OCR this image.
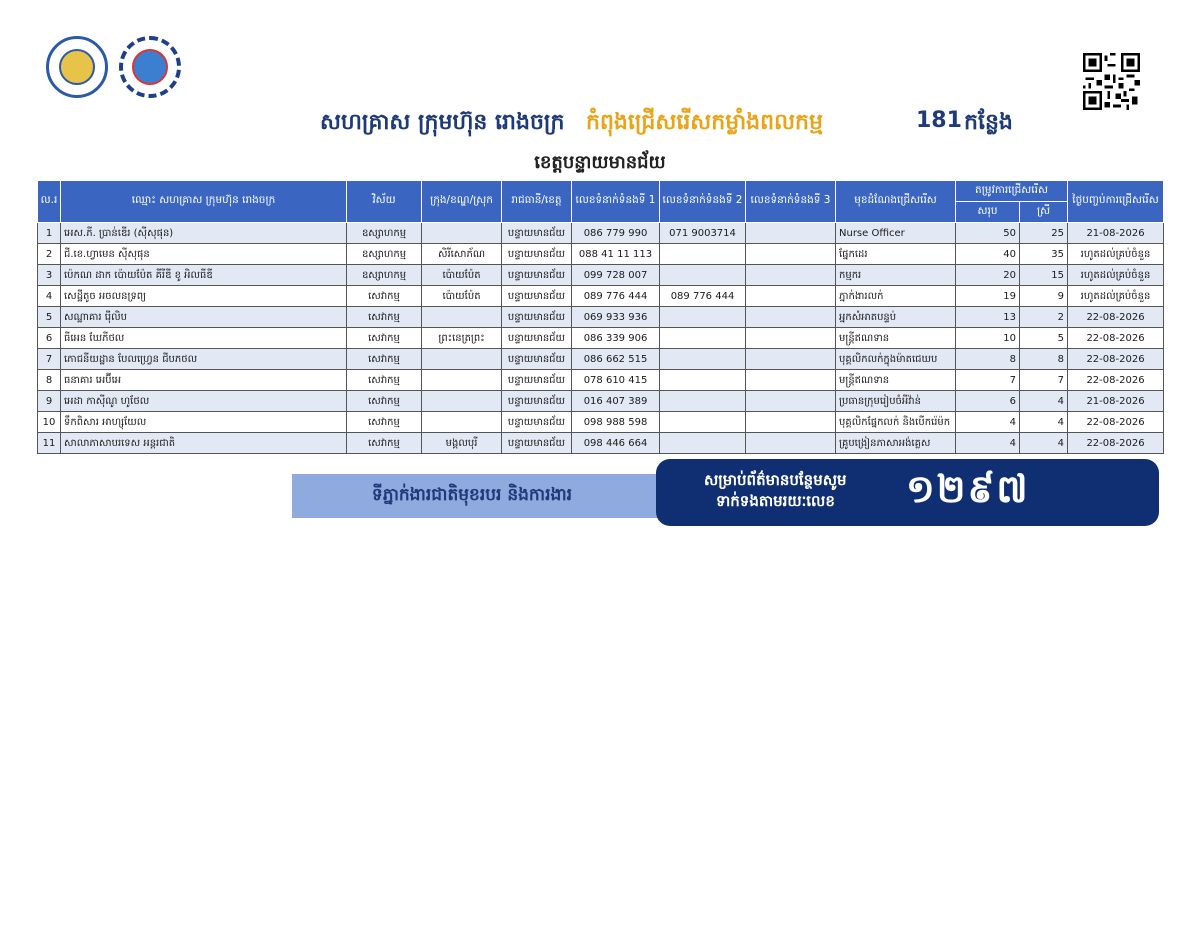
សហគ្រាស ក្រុមហ៊ុន រោងចក្រ កំពុងជ្រើសរើសកម្លាំងពលកម្ម	181 កន្លែង
ខេត្តបន្ទាយមានជ័យ
ល.រ	ឈ្មោះ សហគ្រាស ក្រុមហ៊ុន រោងចក្រ	វិស័យ	ក្រុង/ខណ្ឌ/ស្រុក	រាជធានី/ខេត្ត	លេខទំនាក់ទំនងទី 1	លេខទំនាក់ទំនងទី 2	លេខទំនាក់ទំនងទី 3	មុខដំណែងជ្រើសរើស	តម្រូវការជ្រើសរើស		ថ្ងៃបញ្ចប់ការជ្រើសរើស
									សរុប	ស្រី	
1	អេស.ភី. ប្រាន់ឌើរ (ស៊ីសុផុន)	ឧស្សាហកម្ម		បន្ទាយមានជ័យ	086 779 990	071 9003714		Nurse Officer	50	25	21-08-2026
2	ជី.ខេ.ហ្វាមេន ស៊ីសុផុន	ឧស្សាហកម្ម	សិរីសោភ័ណ	បន្ទាយមានជ័យ	088 41 11 113			ផ្នែកដេរ	40	35	រហូតដល់គ្រប់ចំនួន
3	ប៉េកណ ដាក ប៉ោយប៉ែត គីរីឌី ខូ អិលធីឌី	ឧស្សាហកម្ម	ប៉ោយប៉ែត	បន្ទាយមានជ័យ	099 728 007			កម្មករ	20	15	រហូតដល់គ្រប់ចំនួន
4	សេដ្ឋីតូច អចលនទ្រព្យ	សេវាកម្ម	ប៉ោយប៉ែត	បន្ទាយមានជ័យ	089 776 444	089 776 444		ភ្នាក់ងារលក់	19	9	រហូតដល់គ្រប់ចំនួន
5	សណ្ឋាគារ រ៉ើលិប	សេវាកម្ម		បន្ទាយមានជ័យ	069 933 936			អ្នកសំអាតបន្ទប់	13	2	22-08-2026
6	ធីអេន ឃែភីថល	សេវាកម្ម	ព្រះនេត្រព្រះ	បន្ទាយមានជ័យ	086 339 906			មន្ត្រីឥណទាន	10	5	22-08-2026
7	ភោជនីយដ្ឋាន បែលហ្វ្រេន ជីបភថល	សេវាកម្ម		បន្ទាយមានជ័យ	086 662 515			បុគ្គលិកលក់ក្នុងម៉ាតជេឃប	8	8	22-08-2026
8	ធនាគារ អេប៊ីអេ	សេវាកម្ម		បន្ទាយមានជ័យ	078 610 415			មន្ត្រីឥណទាន	7	7	22-08-2026
9	អេដា កាស៊ីណូ ហូថែល	សេវាកម្ម		បន្ទាយមានជ័យ	016 407 389			ប្រធានក្រុមរៀបចំអីវ៉ាន់	6	4	21-08-2026
10	ទឹកពិសារ អាហ្សុយែល	សេវាកម្ម		បន្ទាយមានជ័យ	098 988 598			បុគ្គលិកផ្នែកលក់ និងបើករ៉េម៉ក	4	4	22-08-2026
11	សាលាភាសាបរទេស អន្តរជាតិ	សេវាកម្ម	មង្គលបុរី	បន្ទាយមានជ័យ	098 446 664			គ្រូបង្រៀនភាសាអង់គ្លេស	4	4	22-08-2026
ទីភ្នាក់ងារជាតិមុខរបរ និងការងារ
សម្រាប់ព័ត៌មានបន្ថែមសូម
ទាក់ទងតាមរយៈលេខ ១២៩៧
